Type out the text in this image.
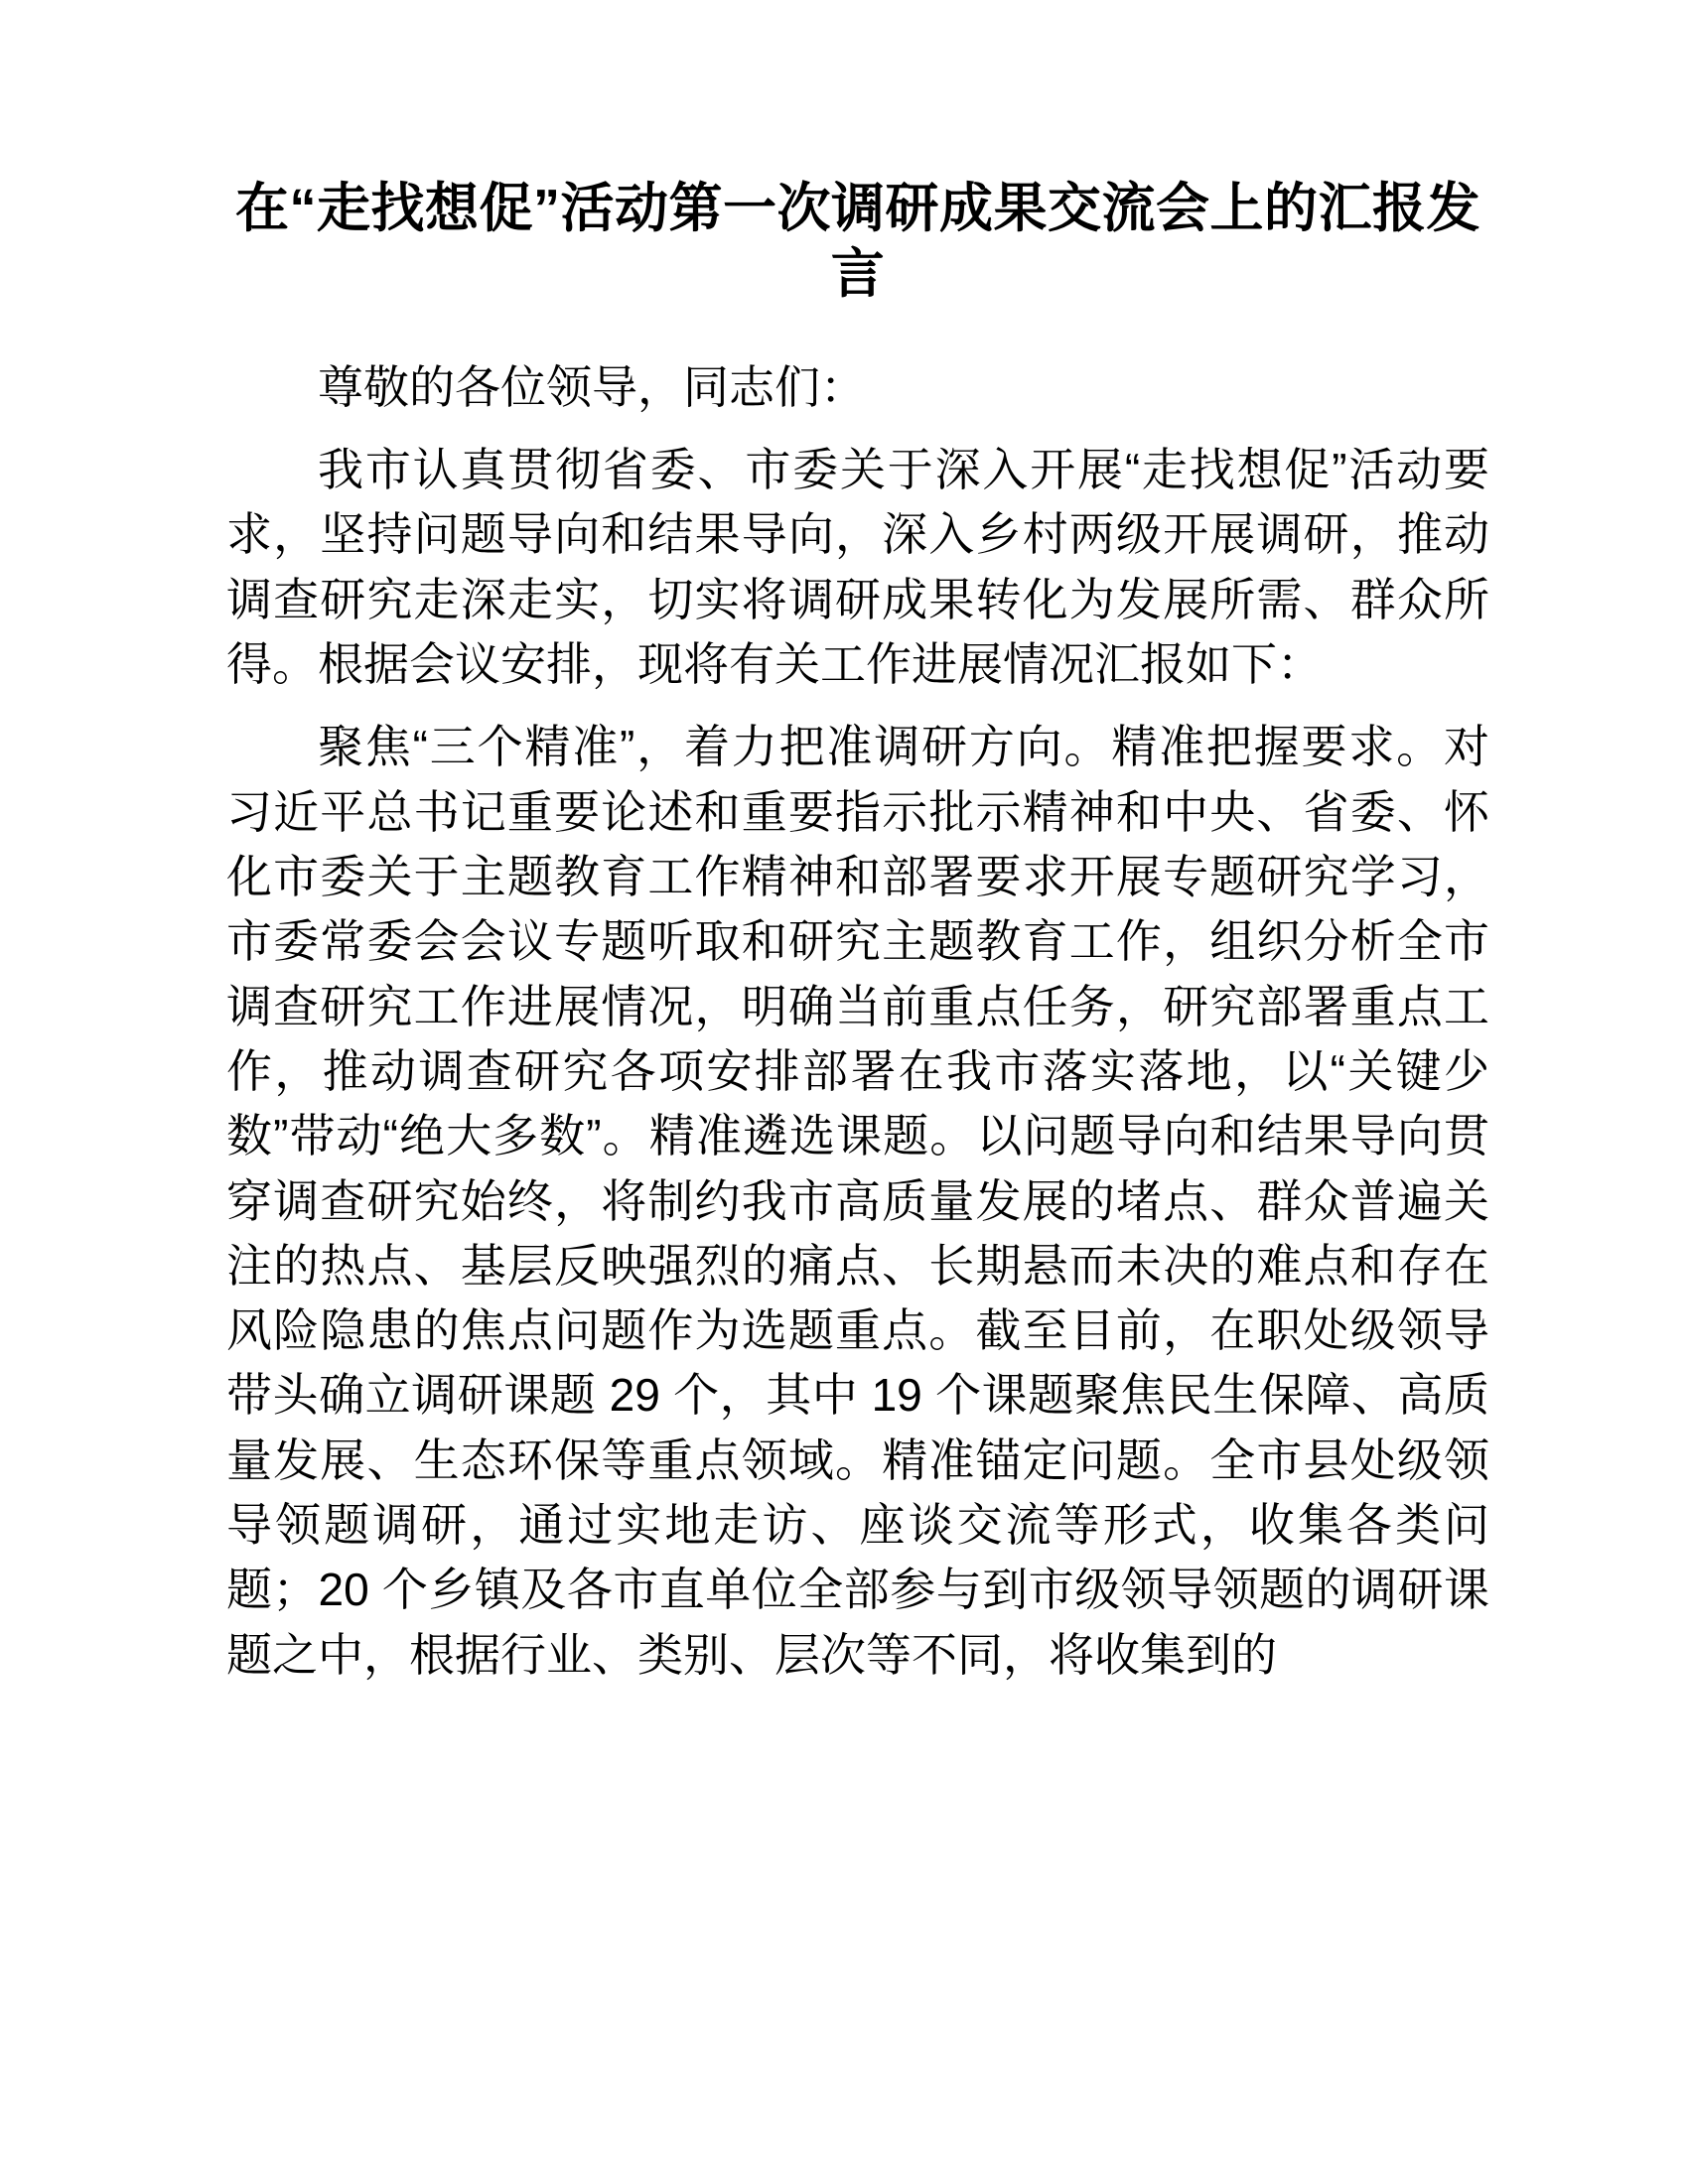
在“走找想促”活动第一次调研成果交流会上的汇报发言

尊敬的各位领导，同志们：

我市认真贯彻省委、市委关于深入开展“走找想促”活动要求，坚持问题导向和结果导向，深入乡村两级开展调研，推动调查研究走深走实，切实将调研成果转化为发展所需、群众所得。根据会议安排，现将有关工作进展情况汇报如下：

聚焦“三个精准”，着力把准调研方向。精准把握要求。对习近平总书记重要论述和重要指示批示精神和中央、省委、怀化市委关于主题教育工作精神和部署要求开展专题研究学习，市委常委会会议专题听取和研究主题教育工作，组织分析全市调查研究工作进展情况，明确当前重点任务，研究部署重点工作，推动调查研究各项安排部署在我市落实落地，以“关键少数”带动“绝大多数”。精准遴选课题。以问题导向和结果导向贯穿调查研究始终，将制约我市高质量发展的堵点、群众普遍关注的热点、基层反映强烈的痛点、长期悬而未决的难点和存在风险隐患的焦点问题作为选题重点。截至目前，在职处级领导带头确立调研课题 29 个，其中 19 个课题聚焦民生保障、高质量发展、生态环保等重点领域。精准锚定问题。全市县处级领导领题调研，通过实地走访、座谈交流等形式，收集各类问题；20 个乡镇及各市直单位全部参与到市级领导领题的调研课题之中，根据行业、类别、层次等不同，将收集到的
